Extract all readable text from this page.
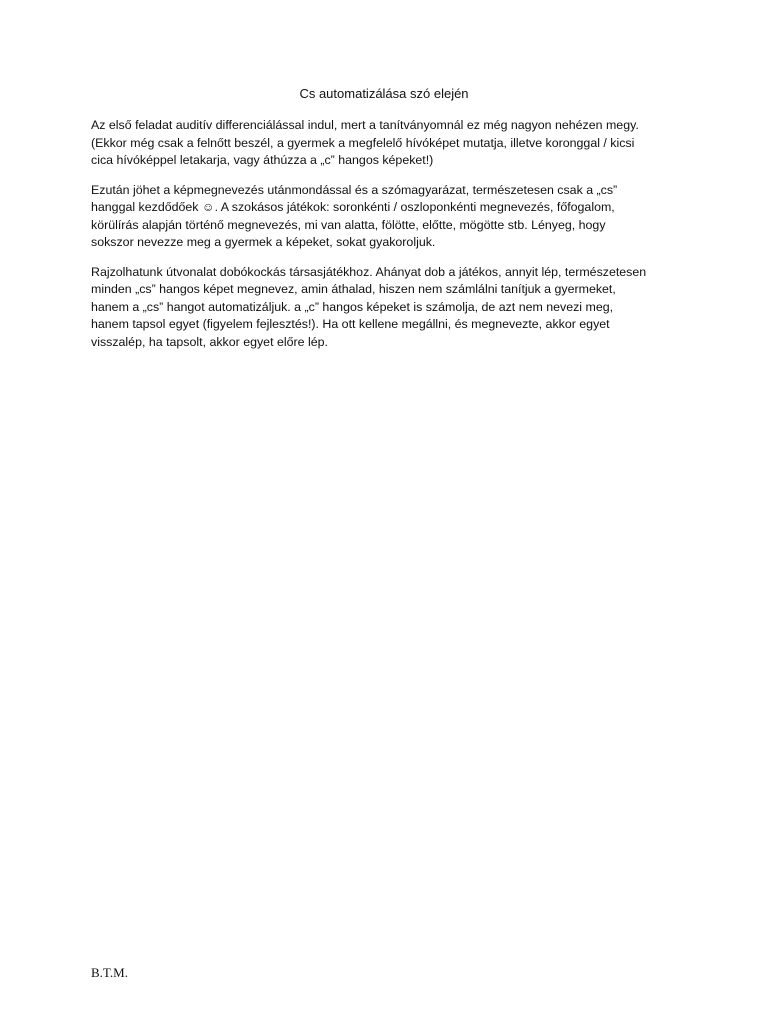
Cs automatizálása szó elején

Az első feladat auditív differenciálással indul, mert a tanítványomnál ez még nagyon nehézen megy.
(Ekkor még csak a felnőtt beszél, a gyermek a megfelelő hívóképet mutatja, illetve koronggal / kicsi
cica hívóképpel letakarja, vagy áthúzza a „c” hangos képeket!)

Ezután jöhet a képmegnevezés utánmondással és a szómagyarázat, természetesen csak a „cs”
hanggal kezdődőek ☺. A szokásos játékok: soronkénti / oszloponkénti megnevezés, főfogalom,
körülírás alapján történő megnevezés, mi van alatta, fölötte, előtte, mögötte stb. Lényeg, hogy
sokszor nevezze meg a gyermek a képeket, sokat gyakoroljuk.

Rajzolhatunk útvonalat dobókockás társasjátékhoz. Ahányat dob a játékos, annyit lép, természetesen
minden „cs” hangos képet megnevez, amin áthalad, hiszen nem számlálni tanítjuk a gyermeket,
hanem a „cs” hangot automatizáljuk. a „c” hangos képeket is számolja, de azt nem nevezi meg,
hanem tapsol egyet (figyelem fejlesztés!). Ha ott kellene megállni, és megnevezte, akkor egyet
visszalép, ha tapsolt, akkor egyet előre lép.

B.T.M.
